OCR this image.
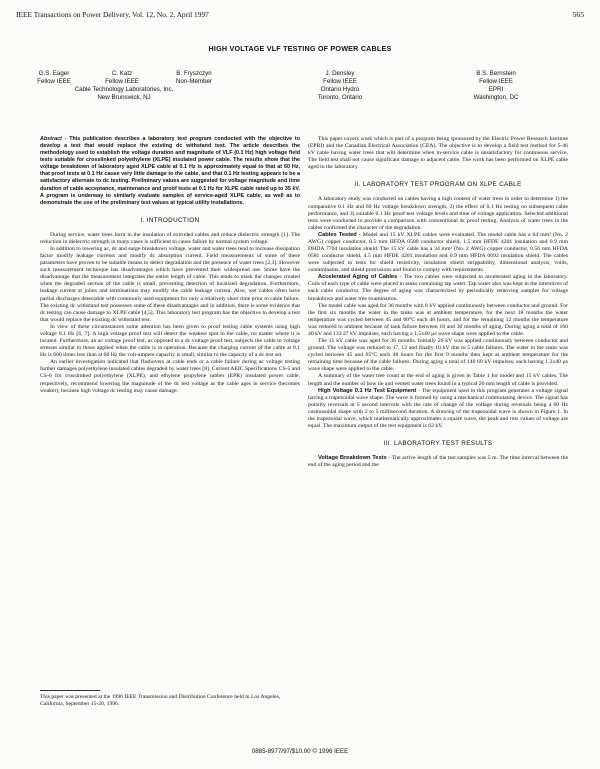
IEEE Transactions on Power Delivery, Vol. 12, No. 2, April 1997	565
HIGH VOLTAGE VLF TESTING OF POWER CABLES
G.S. Eager
Fellow IEEE
C. Katz
Fellow IEEE
B. Fryszczyn
Non-Member
Cable Technology Laboratories, Inc.
New Brunswick, NJ
J. Densley
Fellow IEEE
Ontario Hydro
Toronto, Ontario
B.S. Bernstein
Fellow IEEE
EPRI
Washington, DC

Abstract - This publication describes a laboratory test program conducted with the objective to develop a test that would replace the existing dc withstand test. The article describes the methodology used to establish the voltage duration and magnitude of VLF (0.1 Hz) high voltage field tests suitable for crosslinked polyethylene (XLPE) insulated power cable. The results show that the voltage breakdown of laboratory aged XLPE cable at 0.1 Hz is approximately equal to that at 60 Hz, that proof tests at 0.1 Hz cause very little damage to the cable, and that 0.1 Hz testing appears to be a satisfactory alternate to dc testing. Preliminary values are suggested for voltage magnitude and time duration of cable acceptance, maintenance and proof tests at 0.1 Hz for XLPE cable rated up to 35 kV. A program is underway to similarly evaluate samples of service-aged XLPE cable, as well as to demonstrate the use of the preliminary test values at typical utility installations.

I. INTRODUCTION

During service, water trees form in the insulation of extruded cables and reduce dielectric strength [1]. The reduction in dielectric strength in many cases is sufficient to cause failure by normal system voltage.

In addition to lowering ac, dc and surge breakdown voltage, water and water trees tend to increase dissipation factor modify leakage currents and modify dc absorption current. Field measurements of some of these parameters have proven to be suitable means to detect degradation and the presence of water trees [2,3]. However such measurement technique has disadvantages which have prevented their widespread use. Some have the disadvantage that the measurement integrates the entire length of cable. This tends to mask the changes created when the degraded section of the cable is small, preventing detection of localized degradation. Furthermore, leakage current at joints and terminations may modify the cable leakage current. Also, wet cables often have partial discharges detectable with commonly used equipment for only a relatively short time prior to cable failure. The existing dc withstand test possesses some of these disadvantages and in addition, there is some evidence that dc testing can cause damage to XLPE cable [4,5]. This laboratory test program has the objective to develop a test that would replace the existing dc withstand test.

In view of these circumstances some attention has been given to proof testing cable systems using high voltage 0.1 Hz [6, 7]. A high voltage proof test will detect the weakest spot in the cable, no matter where it is located. Furthermore, an ac voltage proof test, as opposed to a dc voltage proof test, subjects the cable to voltage stresses similar to those applied when the cable is in operation. Because the charging current of the cable at 0.1 Hz is 600 times less than at 60 Hz the volt-ampere capacity is small, similar to the capacity of a dc test set.

An earlier investigation indicated that flashovers at cable ends or a cable failure during ac voltage testing further damages polyethylene insulated cables degraded by water trees [8]. Current AEIC Specifications CS-5 and CS-6 for crosslinked polyethylene (XLPE), and ethylene propylene rubber (EPR) insulated power cable, respectively, recommend lowering the magnitude of the dc test voltage as the cable ages in service (becomes weaker), because high voltage dc testing may cause damage.

This paper was presented at the 1996 IEEE Transmission and Distribution Conference held in Los Angeles, California, September 15-20, 1996.

This paper covers work which is part of a program being sponsored by the Electric Power Research Institute (EPRI) and the Canadian Electrical Association (CEA). The objective is to develop a field test method for 5-46 kV cable having water trees that will determine when in-service cable is unsatisfactory for continuous service. The field test shall not cause significant damage to adjacent cable. The work has been performed on XLPE cable aged in the laboratory.

II. LABORATORY TEST PROGRAM ON XLPE CABLE

A laboratory study was conducted on cables having a high content of water trees in order to determine 1) the comparative 0.1 Hz and 60 Hz voltage breakdown strength, 2) the effect of 0.1 Hz testing on subsequent cable performance, and 3) suitable 0.1 Hz proof test voltage levels and time of voltage application. Selected additional tests were conducted to provide a comparison with conventional dc proof testing. Analysis of water trees in the cables confirmed the character of the degradation.

Cables Tested - Model and 15 kV XLPE cables were evaluated. The model cable has a 64 mm² (No. 2 AWG) copper conductor, 0.5 mm HFDA 0580 conductor shield, 1.5 mm HFDE 4201 insulation and 0.9 mm DHDA 7704 insulation shield. The 15 kV cable has a 34 mm² (No. 2 AWG) copper conductor, 0.56 mm HFDA 0581 conductor shield, 4.5 mm HFDE 4201 insulation and 0.9 mm HFDA 0692 insulation shield. The cables were subjected to tests for shield resistivity, insulation shield strippability, dimensional analysis, voids, contaminants, and shield protrusions and found to comply with requirements.

Accelerated Aging of Cables - The two cables were subjected to accelerated aging in the laboratory. Coils of each type of cable were placed in tanks containing tap water. Tap water also was kept in the interstices of each cable conductor. The degree of aging was characterized by periodically removing samples for voltage breakdown and water tree examination.

The model cable was aged for 36 months with 8 kV applied continuously between conductor and ground. For the first six months the water in the tanks was at ambient temperature, for the next 18 months the water temperature was cycled between 45 and 60°C each 48 hours, and for the remaining 12 months the temperature was reduced to ambient because of tank failure between 18 and 30 months of aging. During aging a total of 160 40 kV and 133 27 kV impulses, each having a 1.5x40 µs wave shape were applied to the cable.

The 15 kV cable was aged for 36 months. Initially 26 kV was applied continuously between conductor and ground. The voltage was reduced to 17, 12 and finally 10 kV due to 5 cable failures. The water in the tanks was cycled between 45 and 65°C each 48 hours for the first 9 months then kept at ambient temperature for the remaining time because of the cable failures. During aging a total of 140 60 kV impulses, each having 1.2x40 µs wave shape were applied to the cable.

A summary of the water tree count at the end of aging is given in Table 1 for model and 15 kV cables. The length and the number of bow tie and vented water trees found in a typical 20 mm length of cable is provided.

High Voltage 0.1 Hz Test Equipment - The equipment used in this program generates a voltage signal having a trapezoidal wave shape. The wave is formed by using a mechanical commutating device. The signal has polarity reversals at 5 second intervals with the rate of change of the voltage during reversals being a 60 Hz cosinusoidal shape with 2 to 5 millisecond duration. A drawing of the trapezoidal wave is shown in Figure 1. In the trapezoidal wave, which mathematically approximates a square wave, the peak and rms values of voltage are equal. The maximum output of the test equipment is 62 kV.

III. LABORATORY TEST RESULTS

Voltage Breakdown Tests - The active length of the test samples was 5 m. The time interval between the end of the aging period and the

0885-8977/97/$10.00 © 1996 IEEE
